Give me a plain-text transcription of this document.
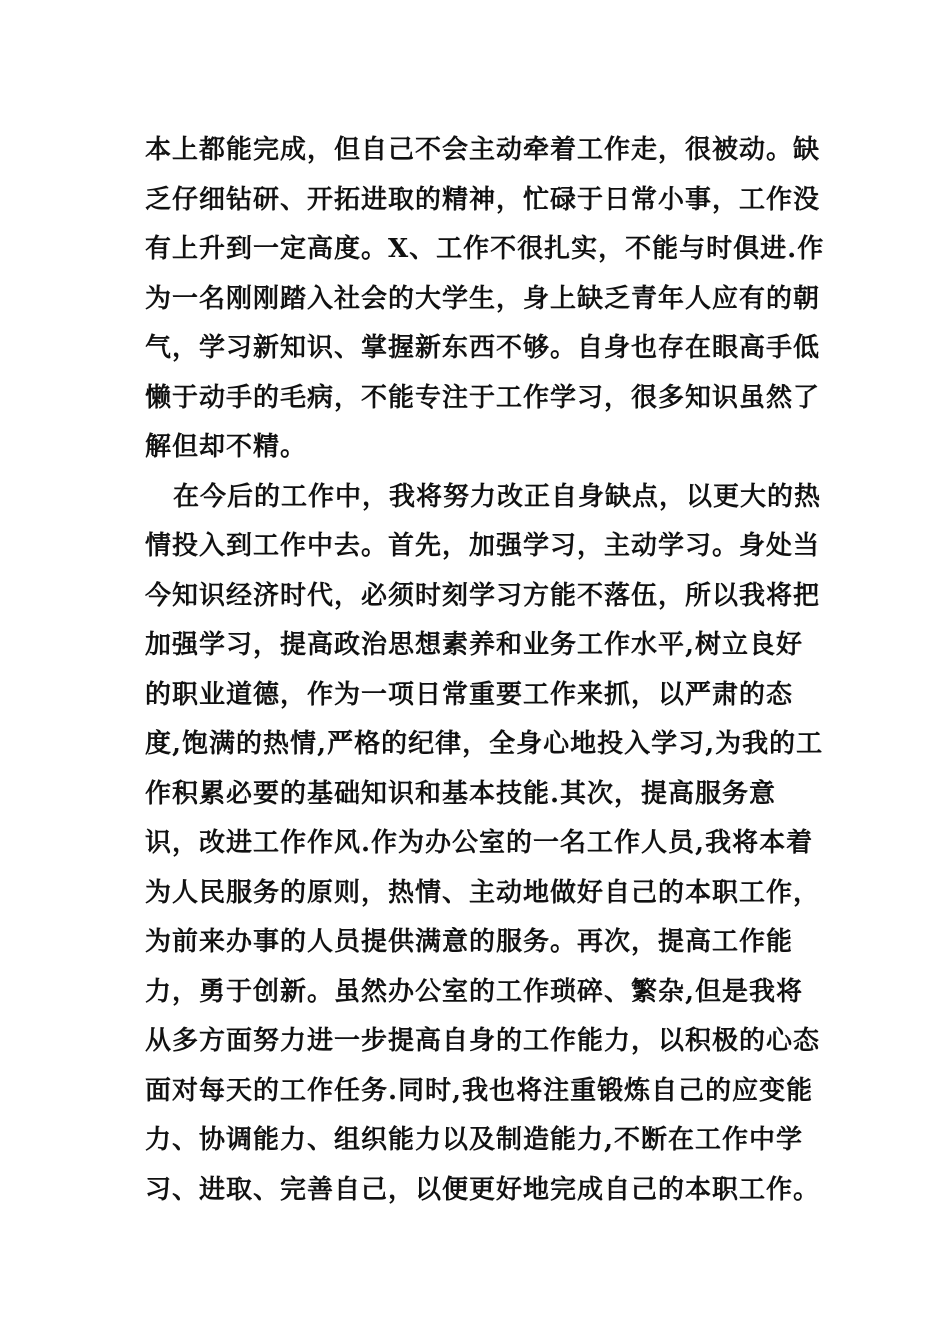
本上都能完成，但自己不会主动牵着工作走，很被动。缺乏仔细钻研、开拓进取的精神，忙碌于日常小事，工作没有上升到一定高度。X、工作不很扎实，不能与时俱进.作为一名刚刚踏入社会的大学生，身上缺乏青年人应有的朝气，学习新知识、掌握新东西不够。自身也存在眼高手低懒于动手的毛病，不能专注于工作学习，很多知识虽然了解但却不精。

在今后的工作中，我将努力改正自身缺点，以更大的热情投入到工作中去。首先，加强学习，主动学习。身处当今知识经济时代，必须时刻学习方能不落伍，所以我将把加强学习，提高政治思想素养和业务工作水平,树立良好的职业道德，作为一项日常重要工作来抓，以严肃的态度,饱满的热情,严格的纪律，全身心地投入学习,为我的工作积累必要的基础知识和基本技能.其次，提高服务意识，改进工作作风.作为办公室的一名工作人员,我将本着为人民服务的原则，热情、主动地做好自己的本职工作，为前来办事的人员提供满意的服务。再次，提高工作能力，勇于创新。虽然办公室的工作琐碎、繁杂,但是我将从多方面努力进一步提高自身的工作能力，以积极的心态面对每天的工作任务.同时,我也将注重锻炼自己的应变能力、协调能力、组织能力以及制造能力,不断在工作中学习、进取、完善自己，以便更好地完成自己的本职工作。
